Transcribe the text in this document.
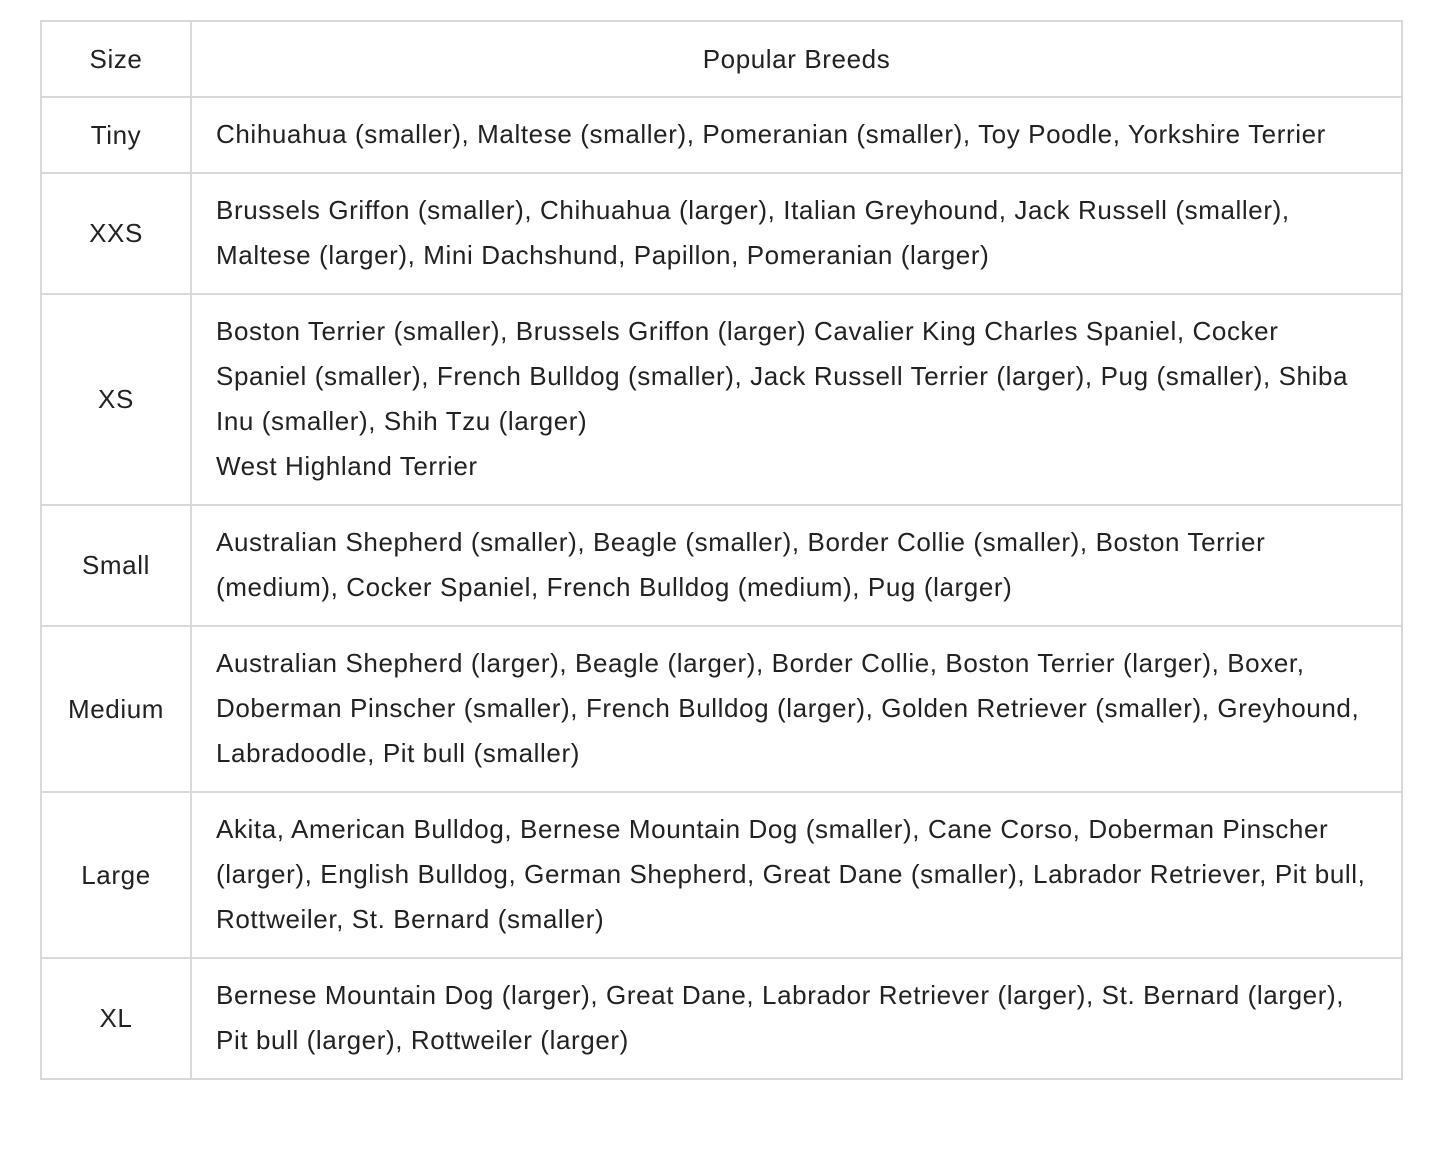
Size	Popular Breeds
Tiny	Chihuahua (smaller), Maltese (smaller), Pomeranian (smaller), Toy Poodle, Yorkshire Terrier

XXS	Brussels Griffon (smaller), Chihuahua (larger), Italian Greyhound, Jack Russell (smaller), Maltese (larger), Mini Dachshund, Papillon, Pomeranian (larger)

XS	Boston Terrier (smaller), Brussels Griffon (larger) Cavalier King Charles Spaniel, Cocker Spaniel (smaller), French Bulldog (smaller), Jack Russell Terrier (larger), Pug (smaller), Shiba Inu (smaller), Shih Tzu (larger)
West Highland Terrier

Small	Australian Shepherd (smaller), Beagle (smaller), Border Collie (smaller), Boston Terrier (medium), Cocker Spaniel, French Bulldog (medium), Pug (larger)

Medium	Australian Shepherd (larger), Beagle (larger), Border Collie, Boston Terrier (larger), Boxer, Doberman Pinscher (smaller), French Bulldog (larger), Golden Retriever (smaller), Greyhound, Labradoodle, Pit bull (smaller)

Large	Akita, American Bulldog, Bernese Mountain Dog (smaller), Cane Corso, Doberman Pinscher (larger), English Bulldog, German Shepherd, Great Dane (smaller), Labrador Retriever, Pit bull, Rottweiler, St. Bernard (smaller)

XL	Bernese Mountain Dog (larger), Great Dane, Labrador Retriever (larger), St. Bernard (larger), Pit bull (larger), Rottweiler (larger)
